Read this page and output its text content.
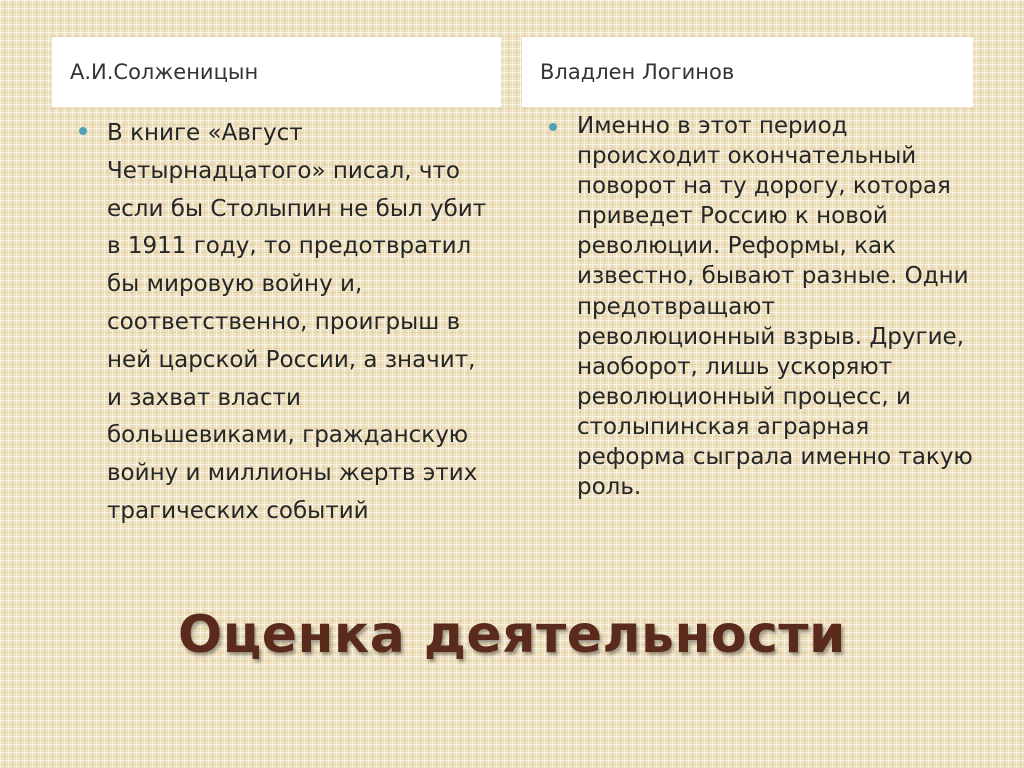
А.И.Солженицын	Владлен Логинов
В книге «Август Четырнадцатого» писал, что если бы Столыпин не был убит в 1911 году, то предотвратил бы мировую войну и, соответственно, проигрыш в ней царской России, а значит, и захват власти большевиками, гражданскую войну и миллионы жертв этих трагических событий
Именно в этот период происходит окончательный поворот на ту дорогу, которая приведет Россию к новой революции. Реформы, как известно, бывают разные. Одни предотвращают революционный взрыв. Другие, наоборот, лишь ускоряют революционный процесс, и столыпинская аграрная реформа сыграла именно такую роль.
Оценка деятельности
